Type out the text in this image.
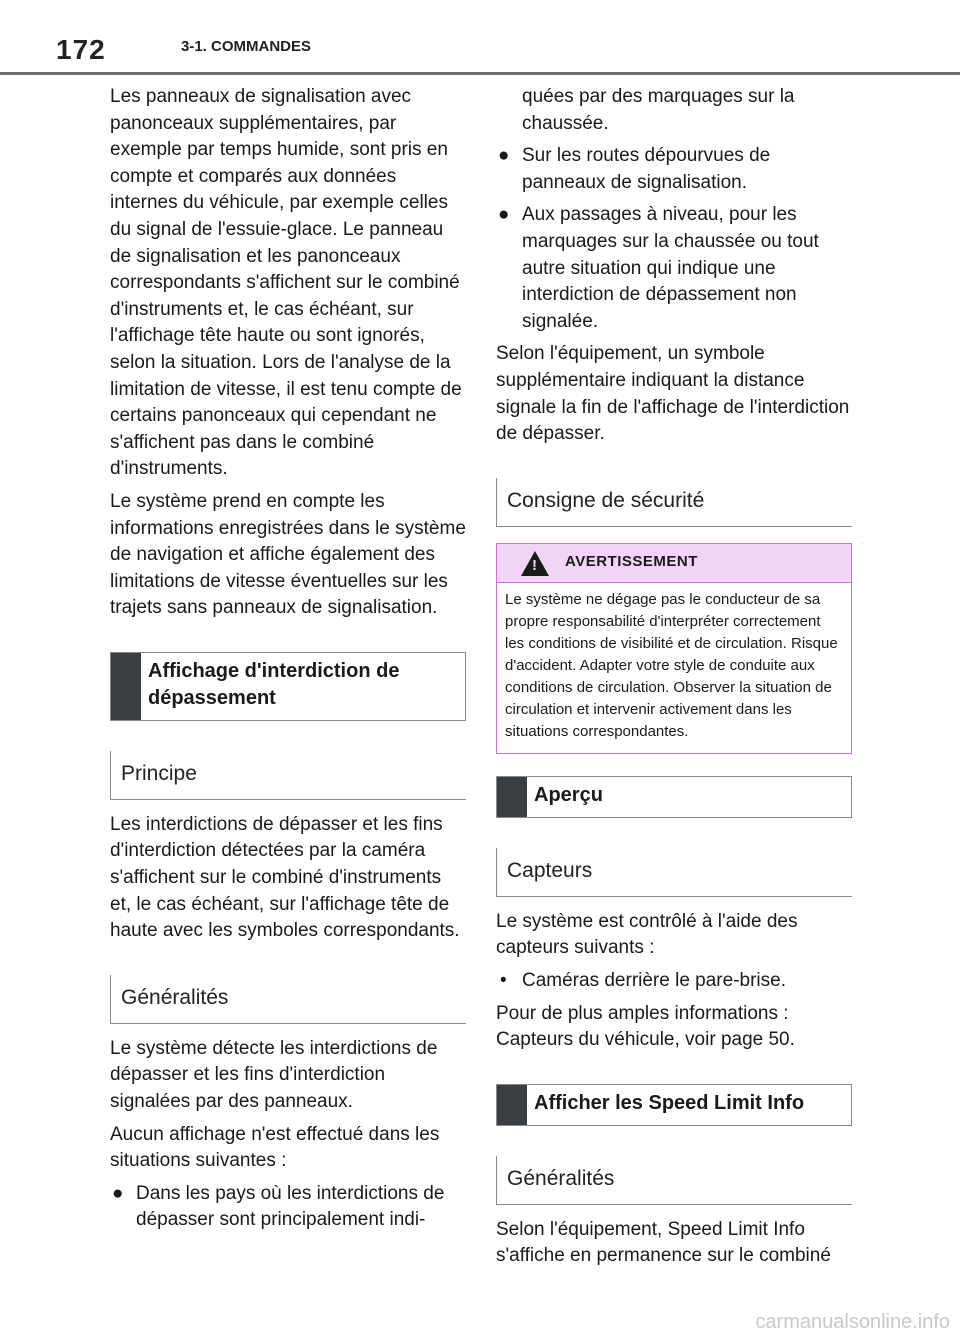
172	3-1. COMMANDES

Les panneaux de signalisation avec panonceaux supplémentaires, par exemple par temps humide, sont pris en compte et comparés aux données internes du véhicule, par exemple celles du signal de l'essuie-glace. Le panneau de signalisation et les panonceaux correspondants s'affichent sur le combiné d'instruments et, le cas échéant, sur l'affichage tête haute ou sont ignorés, selon la situation. Lors de l'analyse de la limitation de vitesse, il est tenu compte de certains panonceaux qui cependant ne s'affichent pas dans le combiné d'instruments.

Le système prend en compte les informations enregistrées dans le système de navigation et affiche également des limitations de vitesse éventuelles sur les trajets sans panneaux de signalisation.

Affichage d'interdiction de dépassement
Principe

Les interdictions de dépasser et les fins d'interdiction détectées par la caméra s'affichent sur le combiné d'instruments et, le cas échéant, sur l'affichage tête de haute avec les symboles correspondants.

Généralités

Le système détecte les interdictions de dépasser et les fins d'interdiction signalées par des panneaux.

Aucun affichage n'est effectué dans les situations suivantes :

● Dans les pays où les interdictions de dépasser sont principalement indi-
quées par des marquages sur la chaussée.
● Sur les routes dépourvues de panneaux de signalisation.
● Aux passages à niveau, pour les marquages sur la chaussée ou tout autre situation qui indique une interdiction de dépassement non signalée.

Selon l'équipement, un symbole supplémentaire indiquant la distance signale la fin de l'affichage de l'interdiction de dépasser.

Consigne de sécurité
!
AVERTISSEMENT
Le système ne dégage pas le conducteur de sa propre responsabilité d'interpréter correctement les conditions de visibilité et de circulation. Risque d'accident. Adapter votre style de conduite aux conditions de circulation. Observer la situation de circulation et intervenir activement dans les situations correspondantes.
Aperçu
Capteurs

Le système est contrôlé à l'aide des capteurs suivants :

• Caméras derrière le pare-brise.

Pour de plus amples informations : Capteurs du véhicule, voir page 50.

Afficher les Speed Limit Info
Généralités

Selon l'équipement, Speed Limit Info s'affiche en permanence sur le combiné

carmanualsonline.info
